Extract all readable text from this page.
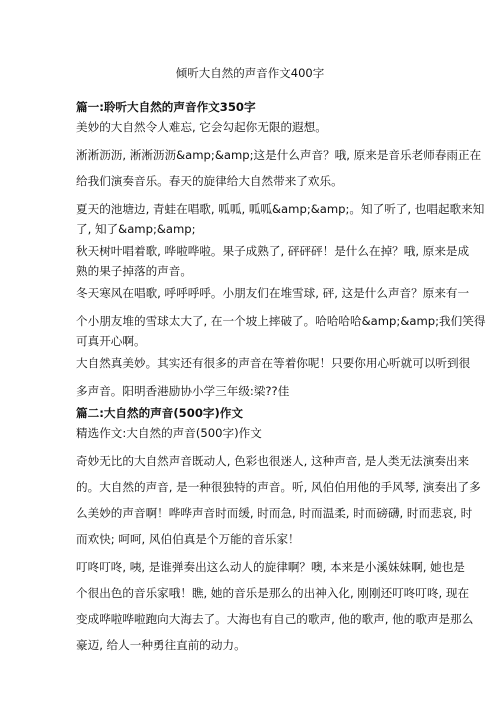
倾听大自然的声音作文400字
篇一:聆听大自然的声音作文350字
美妙的大自然令人难忘, 它会勾起你无限的遐想。
淅淅沥沥, 淅淅沥沥&amp;&amp;这是什么声音？哦, 原来是音乐老师春雨正在
给我们演奏音乐。春天的旋律给大自然带来了欢乐。
夏天的池塘边, 青蛙在唱歌, 呱呱, 呱呱&amp;&amp;。知了听了, 也唱起歌来知
了, 知了&amp;&amp;
秋天树叶唱着歌, 哗啦哗啦。果子成熟了, 砰砰砰！是什么在掉？哦, 原来是成
熟的果子掉落的声音。
冬天寒风在唱歌, 呼呼呼呼。小朋友们在堆雪球, 砰, 这是什么声音？原来有一
个小朋友堆的雪球太大了, 在一个坡上摔破了。哈哈哈哈&amp;&amp;我们笑得
可真开心啊。
大自然真美妙。其实还有很多的声音在等着你呢！只要你用心听就可以听到很
多声音。阳明香港励协小学三年级:梁??佳
篇二:大自然的声音(500字)作文
精选作文:大自然的声音(500字)作文
奇妙无比的大自然声音既动人, 色彩也很迷人, 这种声音, 是人类无法演奏出来
的。大自然的声音, 是一种很独特的声音。听, 风伯伯用他的手风琴, 演奏出了多
么美妙的声音啊！哗哗声音时而缓, 时而急, 时而温柔, 时而磅礴, 时而悲哀, 时
而欢快; 呵呵, 风伯伯真是个万能的音乐家！
叮咚叮咚, 咦, 是谁弹奏出这么动人的旋律啊？噢, 本来是小溪妹妹啊, 她也是
个很出色的音乐家哦！瞧, 她的音乐是那么的出神入化, 刚刚还叮咚叮咚, 现在
变成哗啦哗啦跑向大海去了。大海也有自己的歌声, 他的歌声, 他的歌声是那么
豪迈, 给人一种勇往直前的动力。
